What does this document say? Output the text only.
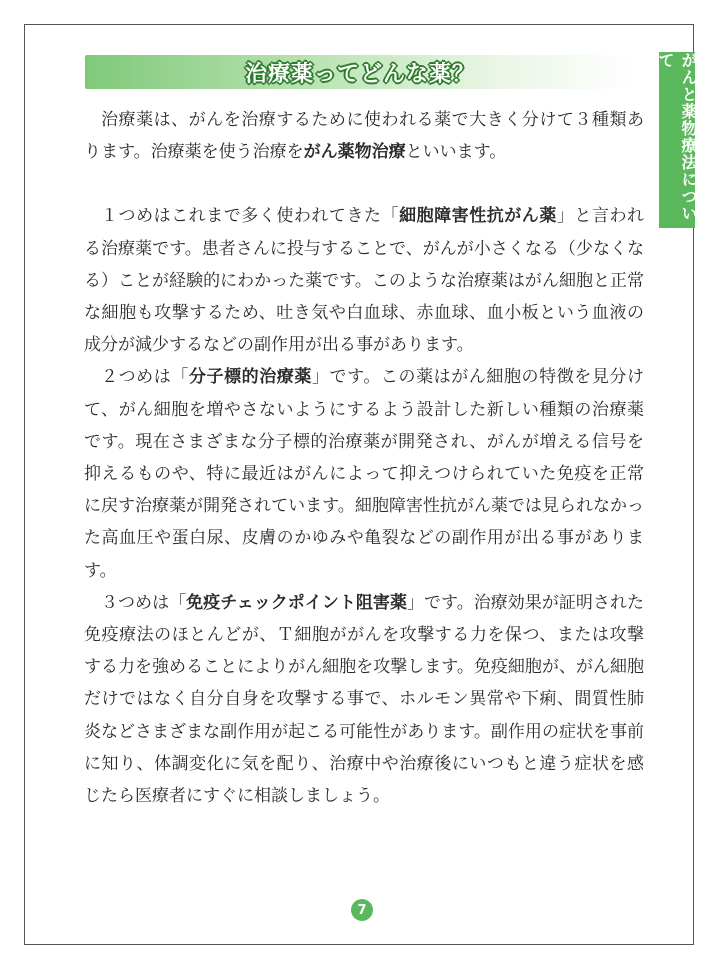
治療薬ってどんな薬？	がんと薬物療法について

治療薬は、がんを治療するために使われる薬で大きく分けて３種類あります。治療薬を使う治療をがん薬物治療といいます。

１つめはこれまで多く使われてきた「細胞障害性抗がん薬」と言われる治療薬です。患者さんに投与することで、がんが小さくなる（少なくなる）ことが経験的にわかった薬です。このような治療薬はがん細胞と正常な細胞も攻撃するため、吐き気や白血球、赤血球、血小板という血液の成分が減少するなどの副作用が出る事があります。

２つめは「分子標的治療薬」です。この薬はがん細胞の特徴を見分けて、がん細胞を増やさないようにするよう設計した新しい種類の治療薬です。現在さまざまな分子標的治療薬が開発され、がんが増える信号を抑えるものや、特に最近はがんによって抑えつけられていた免疫を正常に戻す治療薬が開発されています。細胞障害性抗がん薬では見られなかった高血圧や蛋白尿、皮膚のかゆみや亀裂などの副作用が出る事があります。

３つめは「免疫チェックポイント阻害薬」です。治療効果が証明された免疫療法のほとんどが、Ｔ細胞ががんを攻撃する力を保つ、または攻撃する力を強めることによりがん細胞を攻撃します。免疫細胞が、がん細胞だけではなく自分自身を攻撃する事で、ホルモン異常や下痢、間質性肺炎などさまざまな副作用が起こる可能性があります。副作用の症状を事前に知り、体調変化に気を配り、治療中や治療後にいつもと違う症状を感じたら医療者にすぐに相談しましょう。

7
